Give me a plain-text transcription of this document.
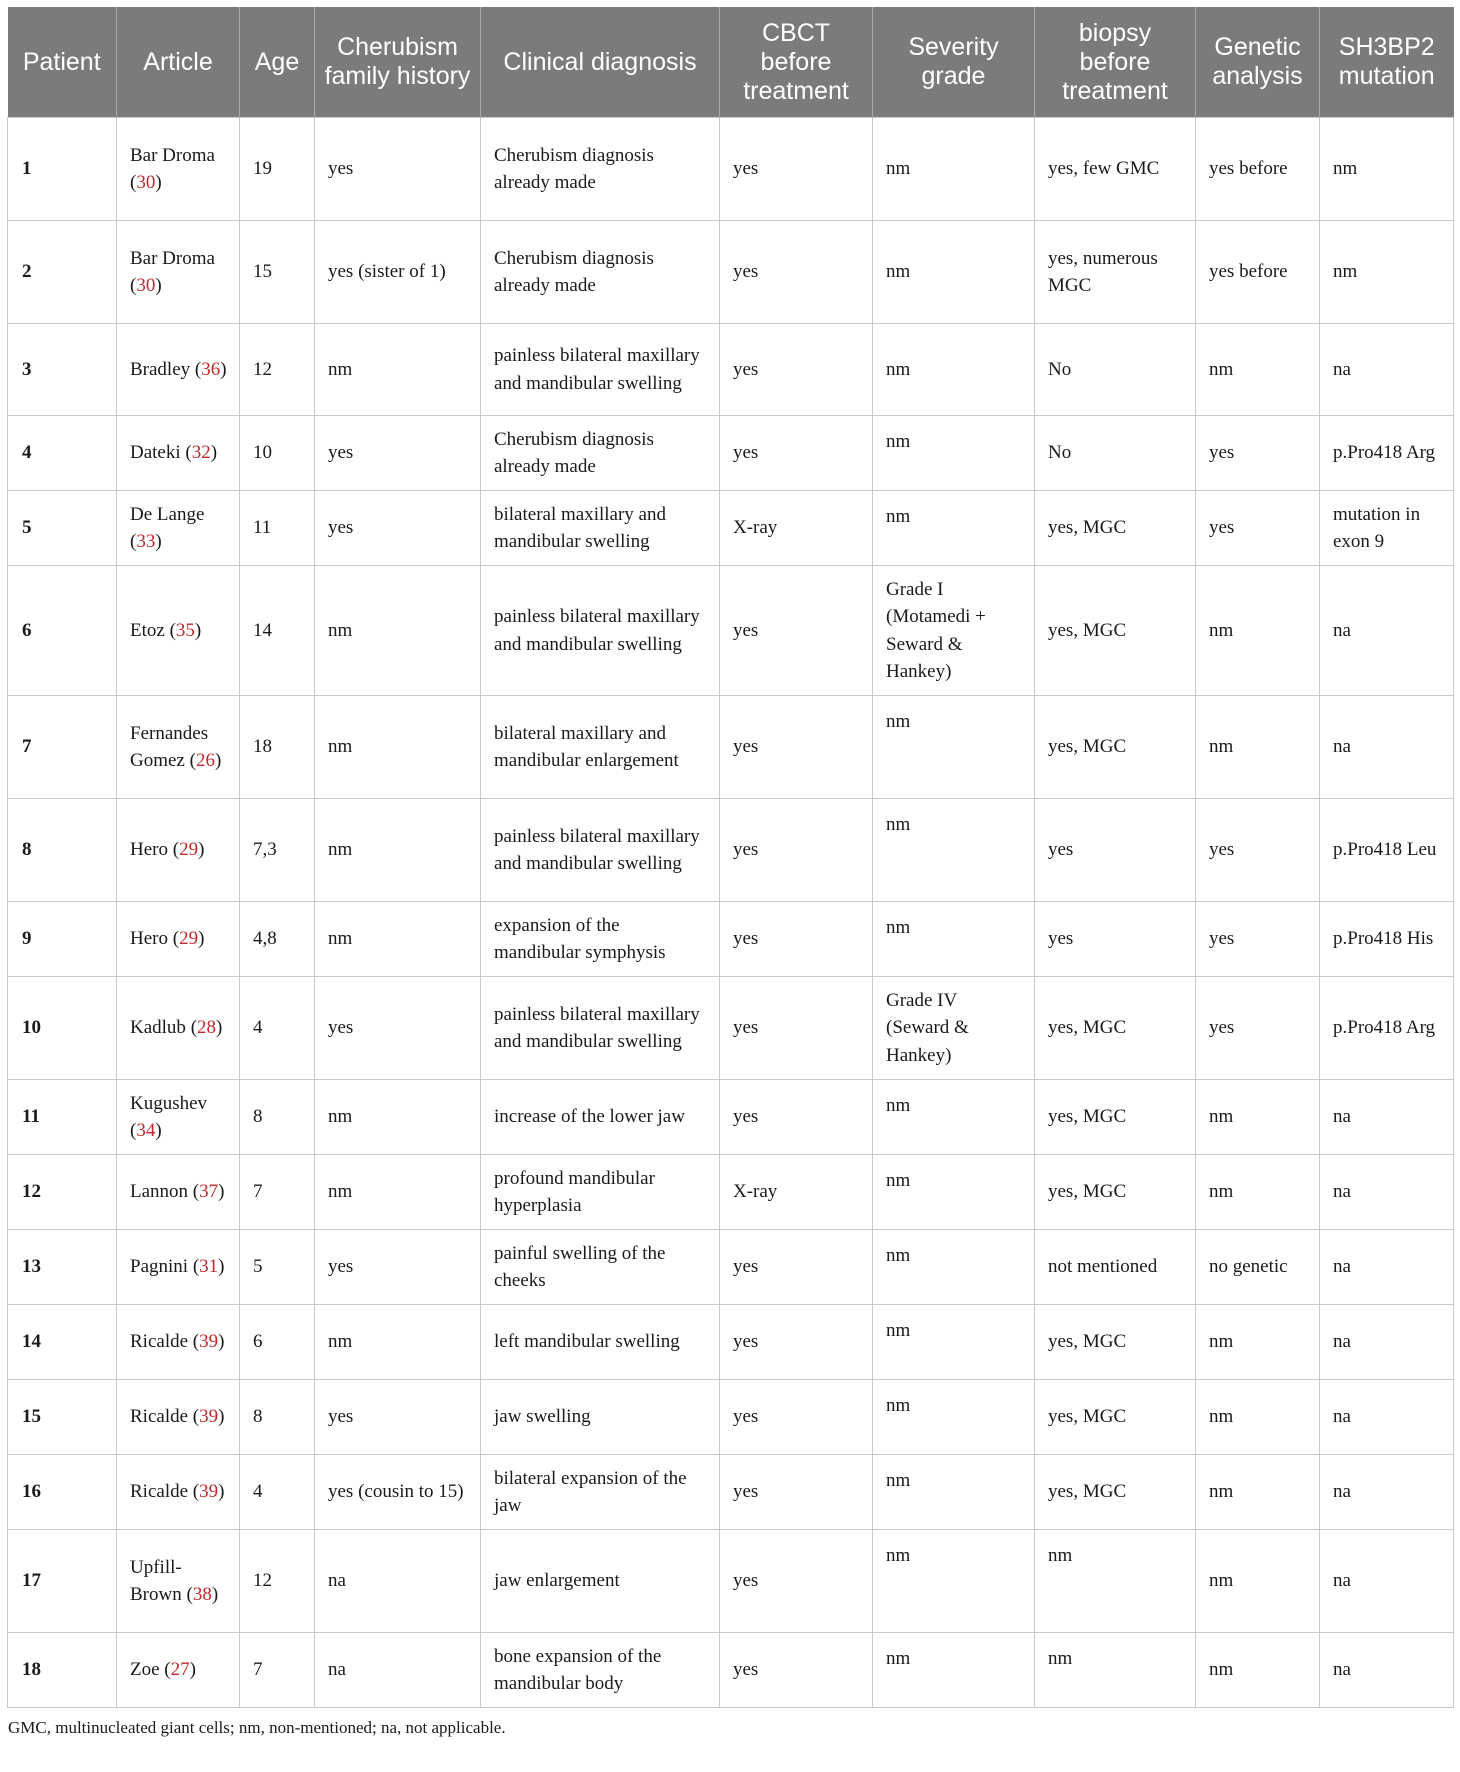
Patient	Article	Age	Cherubism family history	Clinical diagnosis	CBCT before treatment	Severity grade	biopsy before treatment	Genetic analysis	SH3BP2 mutation
1	Bar Droma (30)	19	yes	Cherubism diagnosis already made	yes	nm	yes, few GMC	yes before	nm
2	Bar Droma (30)	15	yes (sister of 1)	Cherubism diagnosis already made	yes	nm	yes, numerous MGC	yes before	nm
3	Bradley (36)	12	nm	painless bilateral maxillary and mandibular swelling	yes	nm	No	nm	na
4	Dateki (32)	10	yes	Cherubism diagnosis already made	yes	nm	No	yes	p.Pro418 Arg
5	De Lange (33)	11	yes	bilateral maxillary and mandibular swelling	X-ray	nm	yes, MGC	yes	mutation in exon 9
6	Etoz (35)	14	nm	painless bilateral maxillary and mandibular swelling	yes	Grade I (Motamedi + Seward & Hankey)	yes, MGC	nm	na
7	Fernandes Gomez (26)	18	nm	bilateral maxillary and mandibular enlargement	yes	nm	yes, MGC	nm	na
8	Hero (29)	7,3	nm	painless bilateral maxillary and mandibular swelling	yes	nm	yes	yes	p.Pro418 Leu
9	Hero (29)	4,8	nm	expansion of the mandibular symphysis	yes	nm	yes	yes	p.Pro418 His
10	Kadlub (28)	4	yes	painless bilateral maxillary and mandibular swelling	yes	Grade IV (Seward & Hankey)	yes, MGC	yes	p.Pro418 Arg
11	Kugushev (34)	8	nm	increase of the lower jaw	yes	nm	yes, MGC	nm	na
12	Lannon (37)	7	nm	profound mandibular hyperplasia	X-ray	nm	yes, MGC	nm	na
13	Pagnini (31)	5	yes	painful swelling of the cheeks	yes	nm	not mentioned	no genetic	na
14	Ricalde (39)	6	nm	left mandibular swelling	yes	nm	yes, MGC	nm	na
15	Ricalde (39)	8	yes	jaw swelling	yes	nm	yes, MGC	nm	na
16	Ricalde (39)	4	yes (cousin to 15)	bilateral expansion of the jaw	yes	nm	yes, MGC	nm	na
17	Upfill-Brown (38)	12	na	jaw enlargement	yes	nm	nm	nm	na
18	Zoe (27)	7	na	bone expansion of the mandibular body	yes	nm	nm	nm	na
GMC, multinucleated giant cells; nm, non-mentioned; na, not applicable.
